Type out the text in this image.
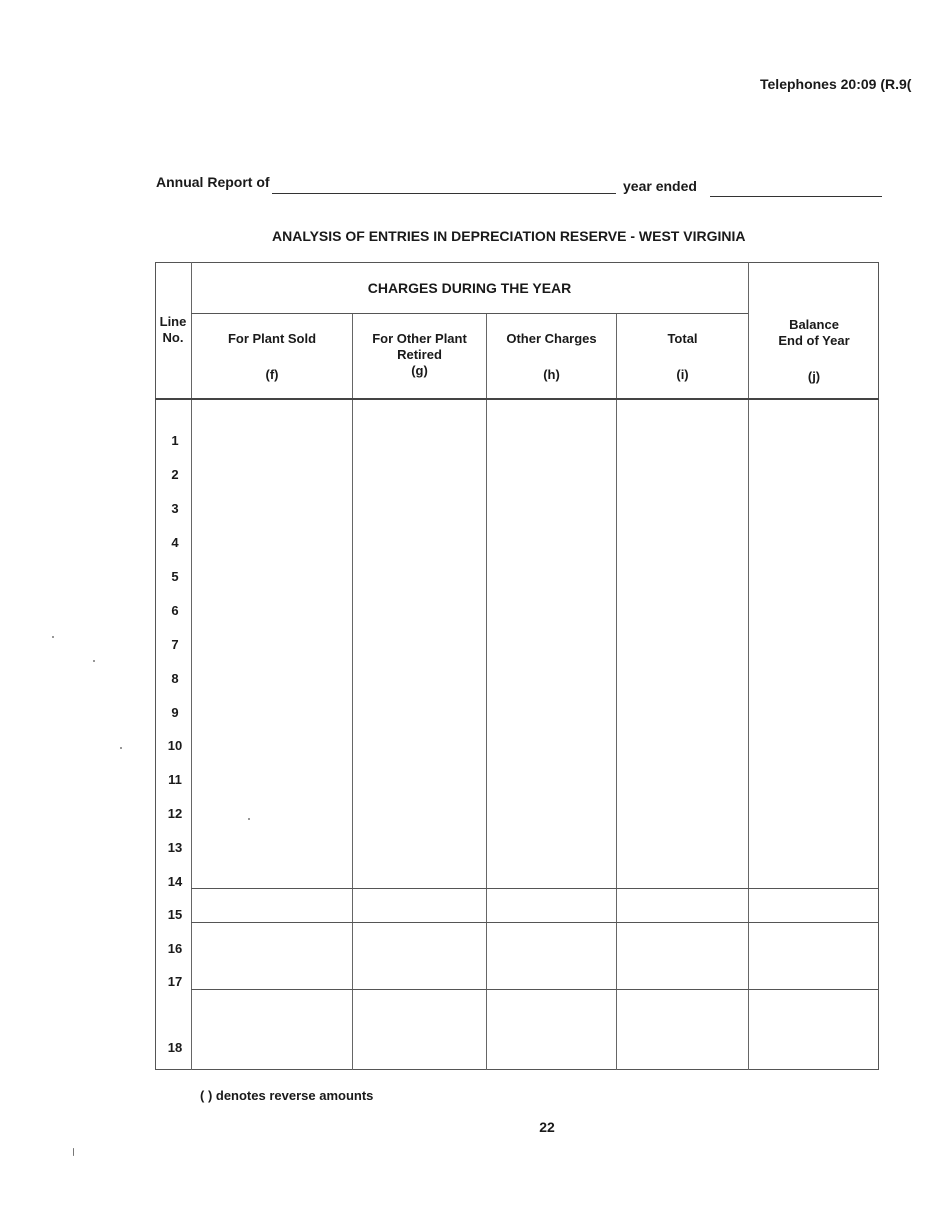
Telephones 20:09 (R.9(
Annual Report of	year ended
ANALYSIS OF ENTRIES IN DEPRECIATION RESERVE - WEST VIRGINIA
Line
No.
CHARGES DURING THE YEAR
For Plant Sold
(f)
For Other Plant
Retired
(g)
Other Charges
(h)
Total
(i)
Balance
End of Year
(j)
1
2
3
4
5
6
7
8
9
10
11
12
13
14
15
16
17
18
( ) denotes reverse amounts
22
